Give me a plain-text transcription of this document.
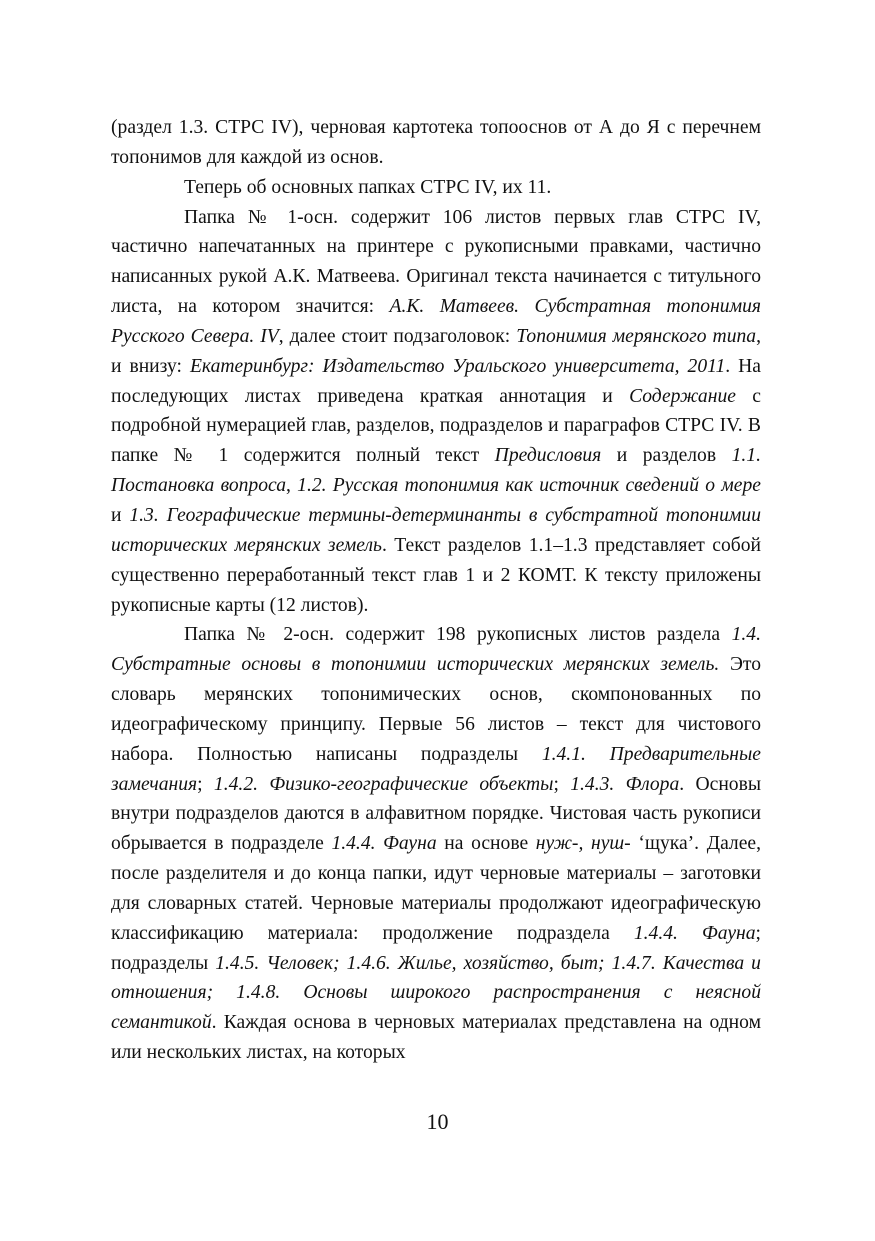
(раздел 1.3. СТРС IV), черновая картотека топооснов от А до Я с перечнем топонимов для каждой из основ.

Теперь об основных папках СТРС IV, их 11.

Папка № 1-осн. содержит 106 листов первых глав СТРС IV, частично напечатанных на принтере с рукописными правками, частично написанных рукой А.К. Матвеева. Оригинал текста начинается с титульного листа, на котором значится: А.К. Матвеев. Субстратная топонимия Русского Севера. IV, далее стоит подзаголовок: Топонимия мерянского типа, и внизу: Екатеринбург: Издательство Уральского университета, 2011. На последующих листах приведена краткая аннотация и Содержание с подробной нумерацией глав, разделов, подразделов и параграфов СТРС IV. В папке № 1 содержится полный текст Предисловия и разделов 1.1. Постановка вопроса, 1.2. Русская топонимия как источник сведений о мере и 1.3. Географические термины-детерминанты в субстратной топонимии исторических мерянских земель. Текст разделов 1.1–1.3 представляет собой существенно переработанный текст глав 1 и 2 КОМТ. К тексту приложены рукописные карты (12 листов).

Папка № 2-осн. содержит 198 рукописных листов раздела 1.4. Субстратные основы в топонимии исторических мерянских земель. Это словарь мерянских топонимических основ, скомпонованных по идеографическому принципу. Первые 56 листов – текст для чистового набора. Полностью написаны подразделы 1.4.1. Предварительные замечания; 1.4.2. Физико-географические объекты; 1.4.3. Флора. Основы внутри подразделов даются в алфавитном порядке. Чистовая часть рукописи обрывается в подразделе 1.4.4. Фауна на основе нуж-, нуш- ‘щука’. Далее, после разделителя и до конца папки, идут черновые материалы – заготовки для словарных статей. Черновые материалы продолжают идеографическую классификацию материала: продолжение подраздела 1.4.4. Фауна; подразделы 1.4.5. Человек; 1.4.6. Жилье, хозяйство, быт; 1.4.7. Качества и отношения; 1.4.8. Основы широкого распространения с неясной семантикой. Каждая основа в черновых материалах представлена на одном или нескольких листах, на которых

10
